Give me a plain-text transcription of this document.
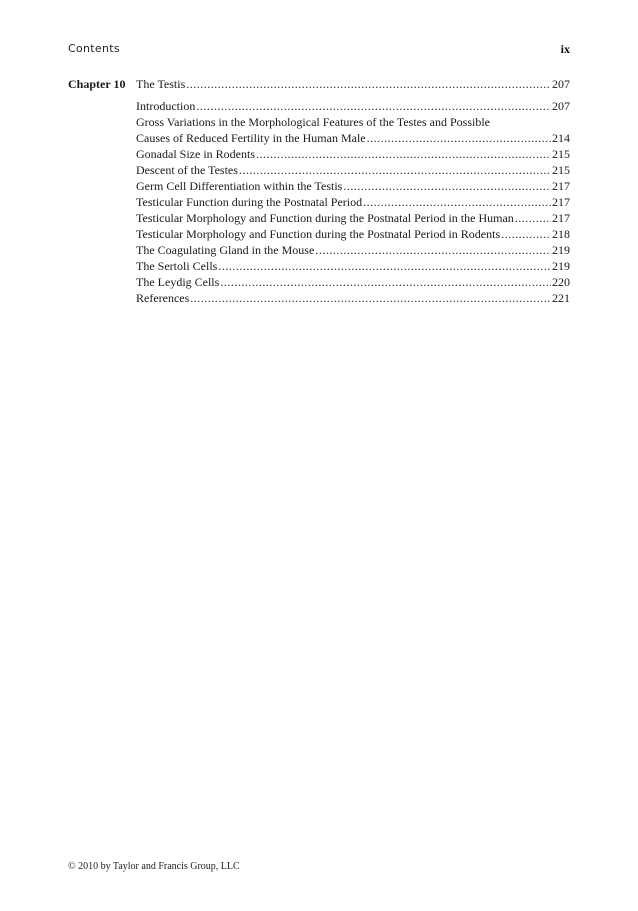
Contents	ix
Chapter 10 The Testis .....	207
Introduction .....	207
Gross Variations in the Morphological Features of the Testes and Possible
Causes of Reduced Fertility in the Human Male .....	214
Gonadal Size in Rodents .....	215
Descent of the Testes .....	215
Germ Cell Differentiation within the Testis .....	217
Testicular Function during the Postnatal Period .....	217
Testicular Morphology and Function during the Postnatal Period in the Human .....	217
Testicular Morphology and Function during the Postnatal Period in Rodents .....	218
The Coagulating Gland in the Mouse .....	219
The Sertoli Cells .....	219
The Leydig Cells .....	220
References .....	221
© 2010 by Taylor and Francis Group, LLC
